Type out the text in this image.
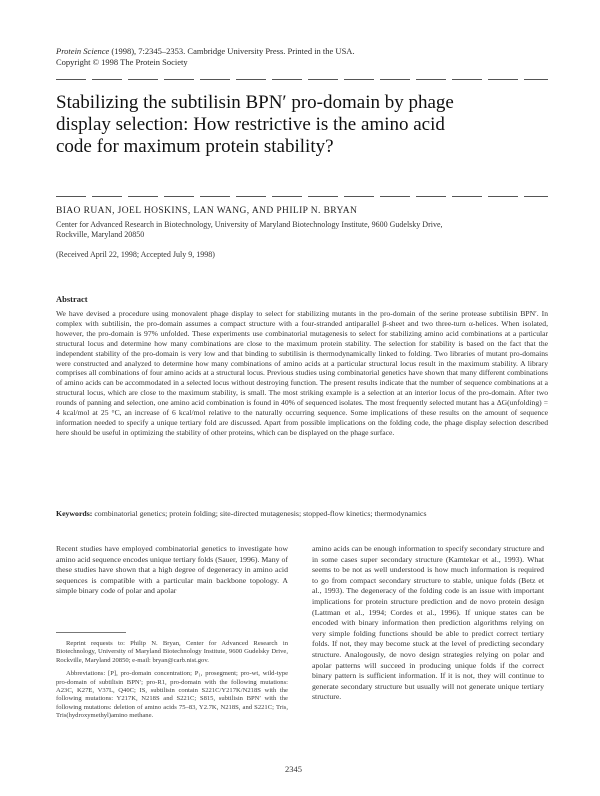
Protein Science (1998), 7:2345–2353. Cambridge University Press. Printed in the USA.
Copyright © 1998 The Protein Society
Stabilizing the subtilisin BPN′ pro-domain by phage display selection: How restrictive is the amino acid code for maximum protein stability?
BIAO RUAN, JOEL HOSKINS, LAN WANG, AND PHILIP N. BRYAN
Center for Advanced Research in Biotechnology, University of Maryland Biotechnology Institute, 9600 Gudelsky Drive, Rockville, Maryland 20850
(Received April 22, 1998; Accepted July 9, 1998)
Abstract
We have devised a procedure using monovalent phage display to select for stabilizing mutants in the pro-domain of the serine protease subtilisin BPN′. In complex with subtilisin, the pro-domain assumes a compact structure with a four-stranded antiparallel β-sheet and two three-turn α-helices. When isolated, however, the pro-domain is 97% unfolded. These experiments use combinatorial mutagenesis to select for stabilizing amino acid combinations at a particular structural locus and determine how many combinations are close to the maximum protein stability. The selection for stability is based on the fact that the independent stability of the pro-domain is very low and that binding to subtilisin is thermodynamically linked to folding. Two libraries of mutant pro-domains were constructed and analyzed to determine how many combinations of amino acids at a particular structural locus result in the maximum stability. A library comprises all combinations of four amino acids at a structural locus. Previous studies using combinatorial genetics have shown that many different combinations of amino acids can be accommodated in a selected locus without destroying function. The present results indicate that the number of sequence combinations at a structural locus, which are close to the maximum stability, is small. The most striking example is a selection at an interior locus of the pro-domain. After two rounds of panning and selection, one amino acid combination is found in 40% of sequenced isolates. The most frequently selected mutant has a ΔG(unfolding) = 4 kcal/mol at 25 °C, an increase of 6 kcal/mol relative to the naturally occurring sequence. Some implications of these results on the amount of sequence information needed to specify a unique tertiary fold are discussed. Apart from possible implications on the folding code, the phage display selection described here should be useful in optimizing the stability of other proteins, which can be displayed on the phage surface.
Keywords: combinatorial genetics; protein folding; site-directed mutagenesis; stopped-flow kinetics; thermodynamics
Recent studies have employed combinatorial genetics to investigate how amino acid sequence encodes unique tertiary folds (Sauer, 1996). Many of these studies have shown that a high degree of degeneracy in amino acid sequences is compatible with a particular main backbone topology. A simple binary code of polar and apolar
amino acids can be enough information to specify secondary structure and in some cases super secondary structure (Kamtekar et al., 1993). What seems to be not as well understood is how much information is required to go from compact secondary structure to stable, unique folds (Betz et al., 1993). The degeneracy of the folding code is an issue with important implications for protein structure prediction and de novo protein design (Lattman et al., 1994; Cordes et al., 1996). If unique states can be encoded with binary information then prediction algorithms relying on very simple folding functions should be able to predict correct tertiary folds. If not, they may become stuck at the level of predicting secondary structure. Analogously, de novo design strategies relying on polar and apolar patterns will succeed in producing unique folds if the correct binary pattern is sufficient information. If it is not, they will continue to generate secondary structure but usually will not generate unique tertiary structure.

Reprint requests to: Philip N. Bryan, Center for Advanced Research in Biotechnology, University of Maryland Biotechnology Institute, 9600 Gudelsky Drive, Rockville, Maryland 20850; e-mail: bryan@carb.nist.gov.

Abbreviations: [P], pro-domain concentration; P₁, prosegment; pro-wt, wild-type pro-domain of subtilisin BPN′; pro-R1, pro-domain with the following mutations: A23C, K27E, V37L, Q40C; IS, subtilisin contain S221C/Y217K/N218S with the following mutations: Y217K, N218S and S221C; S815, subtilisin BPN′ with the following mutations: deletion of amino acids 75–83, Y2.7K, N218S, and S221C; Tris, Tris(hydroxymethyl)amino methane.

2345
